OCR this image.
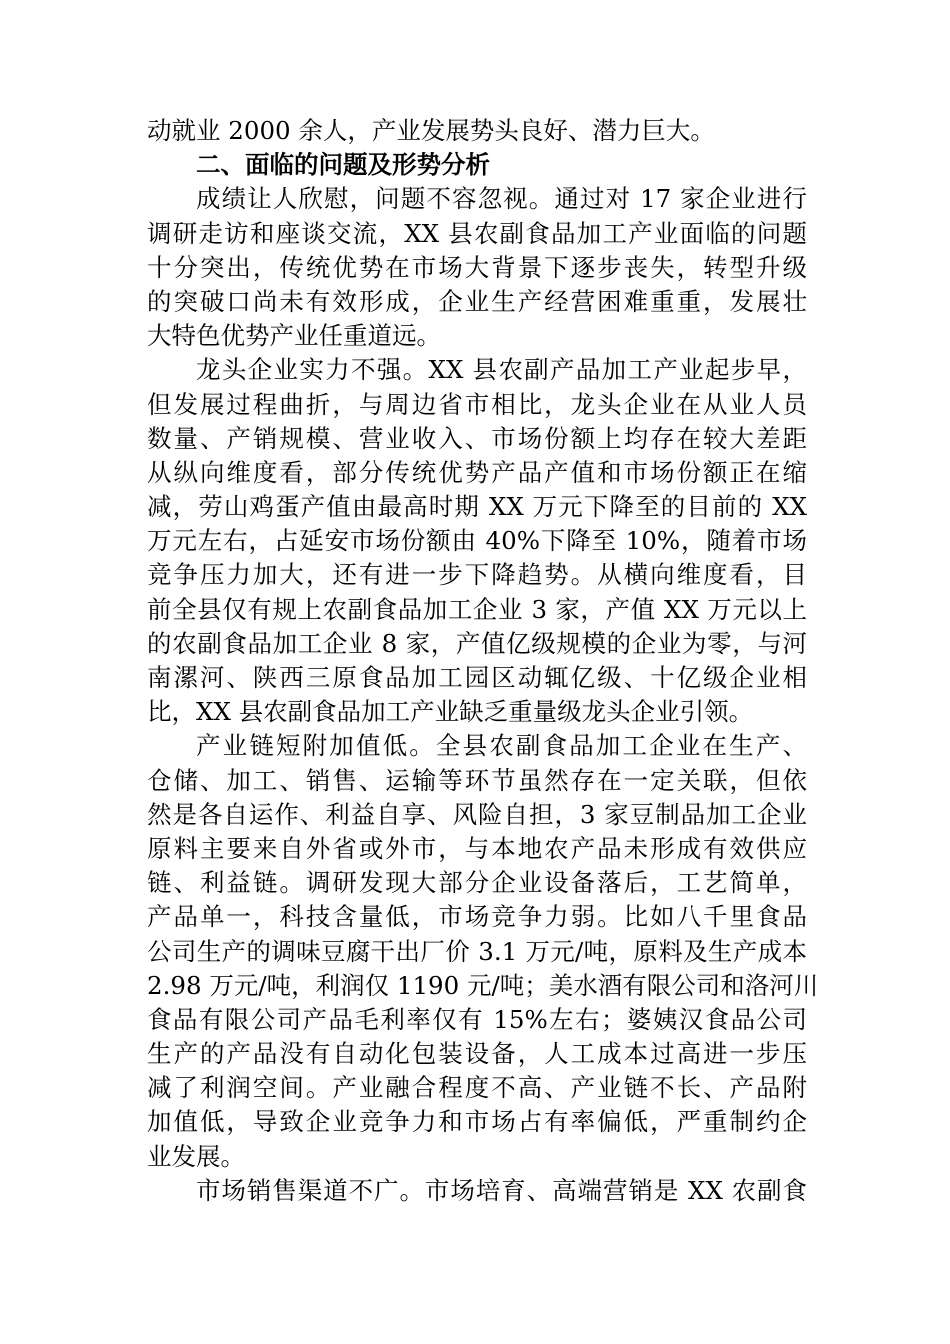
动就业 2000 余人，产业发展势头良好、潜力巨大。
二、面临的问题及形势分析
成绩让人欣慰，问题不容忽视。通过对 17 家企业进行
调研走访和座谈交流，XX 县农副食品加工产业面临的问题
十分突出，传统优势在市场大背景下逐步丧失，转型升级
的突破口尚未有效形成，企业生产经营困难重重，发展壮
大特色优势产业任重道远。
龙头企业实力不强。XX 县农副产品加工产业起步早，
但发展过程曲折，与周边省市相比，龙头企业在从业人员
数量、产销规模、营业收入、市场份额上均存在较大差距
从纵向维度看，部分传统优势产品产值和市场份额正在缩
减，劳山鸡蛋产值由最高时期 XX 万元下降至的目前的 XX
万元左右，占延安市场份额由 40%下降至 10%，随着市场
竞争压力加大，还有进一步下降趋势。从横向维度看，目
前全县仅有规上农副食品加工企业 3 家，产值 XX 万元以上
的农副食品加工企业 8 家，产值亿级规模的企业为零，与河
南漯河、陕西三原食品加工园区动辄亿级、十亿级企业相
比，XX 县农副食品加工产业缺乏重量级龙头企业引领。
产业链短附加值低。全县农副食品加工企业在生产、
仓储、加工、销售、运输等环节虽然存在一定关联，但依
然是各自运作、利益自享、风险自担，3 家豆制品加工企业
原料主要来自外省或外市，与本地农产品未形成有效供应
链、利益链。调研发现大部分企业设备落后，工艺简单，
产品单一，科技含量低，市场竞争力弱。比如八千里食品
公司生产的调味豆腐干出厂价 3.1 万元/吨，原料及生产成本
2.98 万元/吨，利润仅 1190 元/吨；美水酒有限公司和洛河川
食品有限公司产品毛利率仅有 15%左右；婆姨汉食品公司
生产的产品没有自动化包装设备，人工成本过高进一步压
减了利润空间。产业融合程度不高、产业链不长、产品附
加值低，导致企业竞争力和市场占有率偏低，严重制约企
业发展。
市场销售渠道不广。市场培育、高端营销是 XX 农副食
